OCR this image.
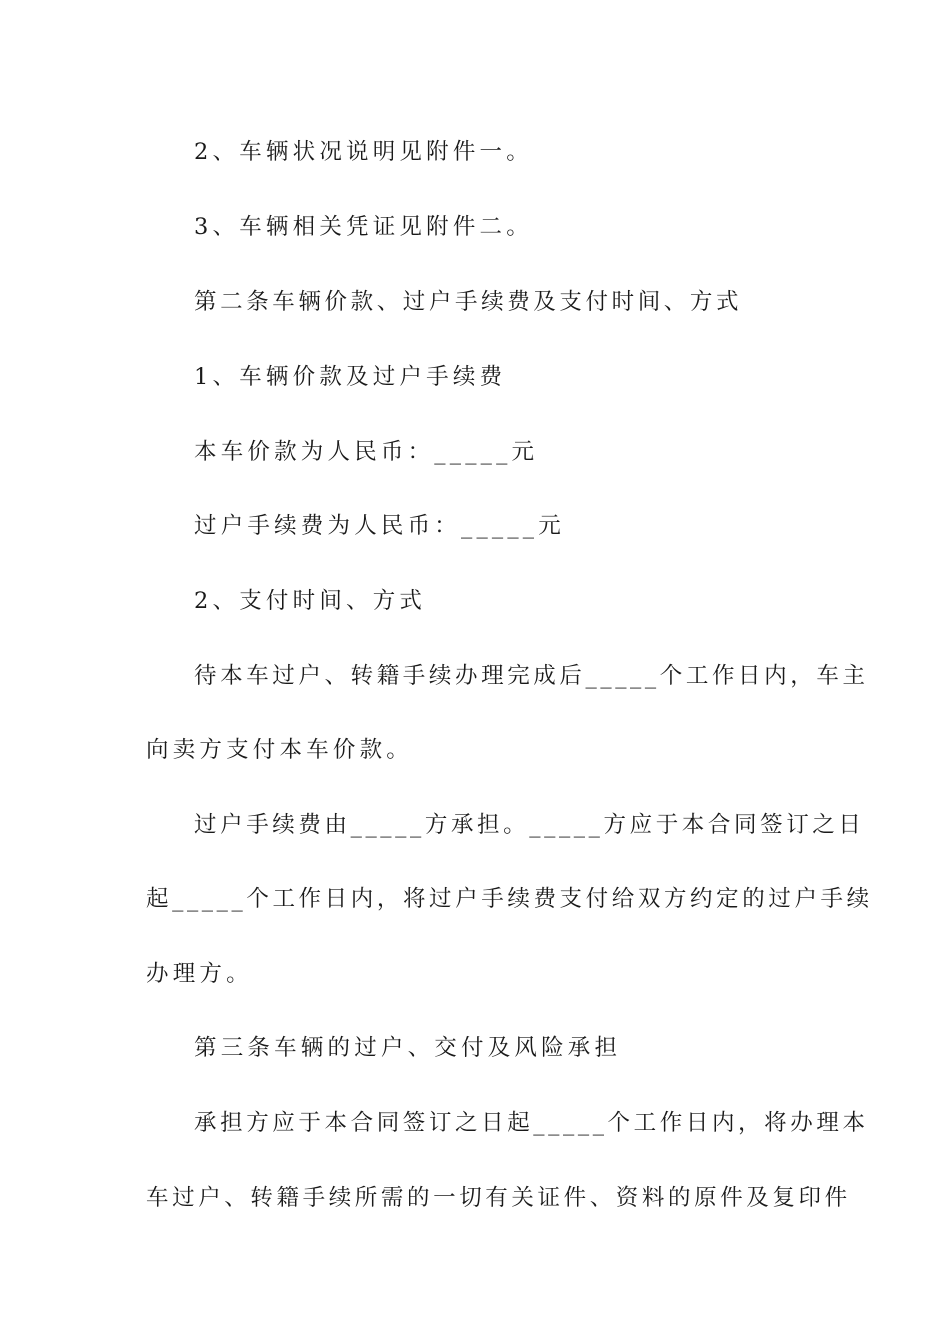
2、车辆状况说明见附件一。
3、车辆相关凭证见附件二。
第二条车辆价款、过户手续费及支付时间、方式
1、车辆价款及过户手续费
本车价款为人民币：_____元
过户手续费为人民币：_____元
2、支付时间、方式
待本车过户、转籍手续办理完成后_____个工作日内，车主
向卖方支付本车价款。
过户手续费由_____方承担。_____方应于本合同签订之日
起_____个工作日内，将过户手续费支付给双方约定的过户手续
办理方。
第三条车辆的过户、交付及风险承担
承担方应于本合同签订之日起_____个工作日内，将办理本
车过户、转籍手续所需的一切有关证件、资料的原件及复印件
